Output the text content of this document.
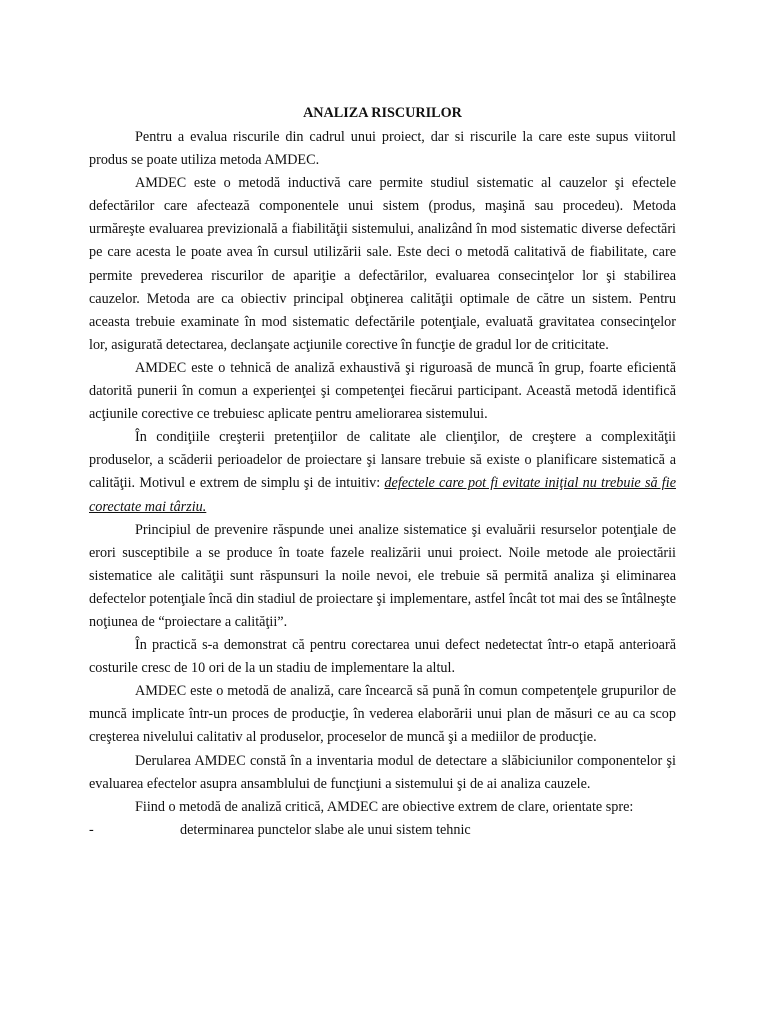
ANALIZA RISCURILOR

Pentru a evalua riscurile din cadrul unui proiect, dar si riscurile la care este supus viitorul produs se poate utiliza metoda AMDEC.

AMDEC este o metodă inductivă care permite studiul sistematic al cauzelor şi efectele defectărilor care afectează componentele unui sistem (produs, maşină sau procedeu). Metoda urmăreşte evaluarea previzională a fiabilităţii sistemului, analizând în mod sistematic diverse defectări pe care acesta le poate avea în cursul utilizării sale. Este deci o metodă calitativă de fiabilitate, care permite prevederea riscurilor de apariţie a defectărilor, evaluarea consecinţelor lor şi stabilirea cauzelor. Metoda are ca obiectiv principal obţinerea calităţii optimale de către un sistem. Pentru aceasta trebuie examinate în mod sistematic defectările potenţiale, evaluată gravitatea consecinţelor lor, asigurată detectarea, declanşate acţiunile corective în funcţie de gradul lor de criticitate.

AMDEC este o tehnică de analiză exhaustivă şi riguroasă de muncă în grup, foarte eficientă datorită punerii în comun a experienţei şi competenţei fiecărui participant. Această metodă identifică acţiunile corective ce trebuiesc aplicate pentru ameliorarea sistemului.

În condiţiile creşterii pretenţiilor de calitate ale clienţilor, de creştere a complexităţii produselor, a scăderii perioadelor de proiectare şi lansare trebuie să existe o planificare sistematică a calităţii. Motivul e extrem de simplu şi de intuitiv: defectele care pot fi evitate iniţial nu trebuie să fie corectate mai târziu.

Principiul de prevenire răspunde unei analize sistematice şi evaluării resurselor potenţiale de erori susceptibile a se produce în toate fazele realizării unui proiect. Noile metode ale proiectării sistematice ale calităţii sunt răspunsuri la noile nevoi, ele trebuie să permită analiza şi eliminarea defectelor potenţiale încă din stadiul de proiectare şi implementare, astfel încât tot mai des se întâlneşte noţiunea de “proiectare a calităţii”.

În practică s-a demonstrat că pentru corectarea unui defect nedetectat într-o etapă anterioară costurile cresc de 10 ori de la un stadiu de implementare la altul.

AMDEC este o metodă de analiză, care încearcă să pună în comun competenţele grupurilor de muncă implicate într-un proces de producţie, în vederea elaborării unui plan de măsuri ce au ca scop creşterea nivelului calitativ al produselor, proceselor de muncă şi a mediilor de producţie.

Derularea AMDEC constă în a inventaria modul de detectare a slăbiciunilor componentelor şi evaluarea efectelor asupra ansamblului de funcţiuni a sistemului şi de ai analiza cauzele.

Fiind o metodă de analiză critică, AMDEC are obiective extrem de clare, orientate spre:

-	determinarea punctelor slabe ale unui sistem tehnic
